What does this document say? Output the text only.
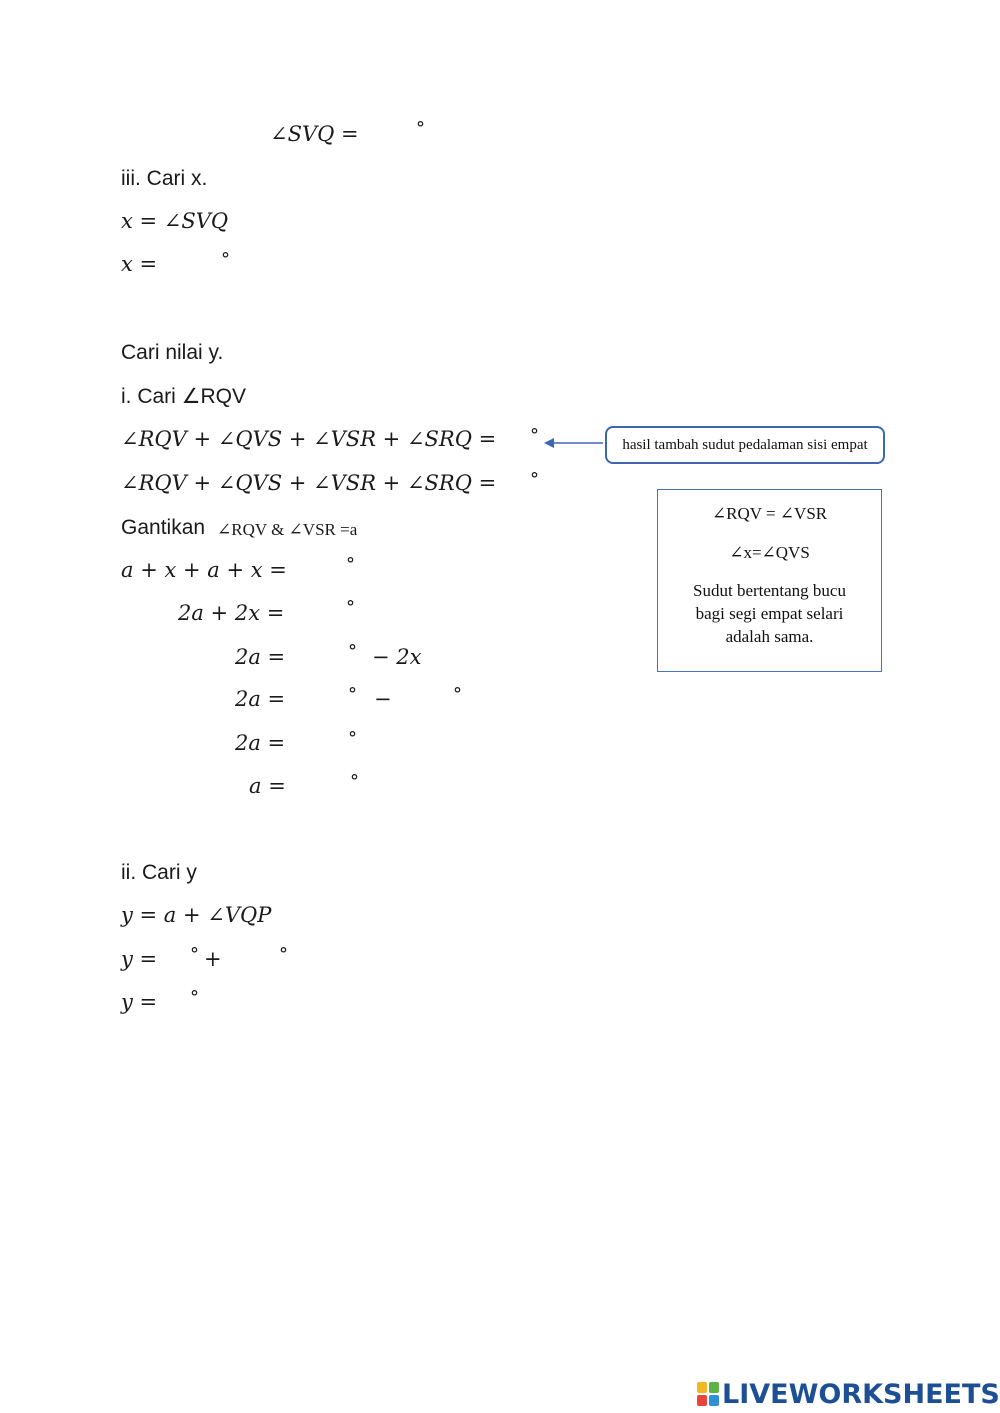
∠SVQ =	°
iii. Cari x.
x = ∠SVQ
x =	°
Cari nilai y.
i. Cari ∠RQV
∠RQV + ∠QVS + ∠VSR + ∠SRQ = °	hasil tambah sudut pedalaman sisi empat
∠RQV + ∠QVS + ∠VSR + ∠SRQ = °
Gantikan ∠RQV & ∠VSR =a
∠RQV = ∠VSR
∠x=∠QVS
Sudut bertentang bucu
bagi segi empat selari
adalah sama.
a + x + a + x =	°
2a + 2x =	°
2a =	° − 2x
2a =	° −	°
2a =	°
a =	°
ii. Cari y
y = a + ∠VQP
y = ° +	°
y = °
LIVEWORKSHEETS
